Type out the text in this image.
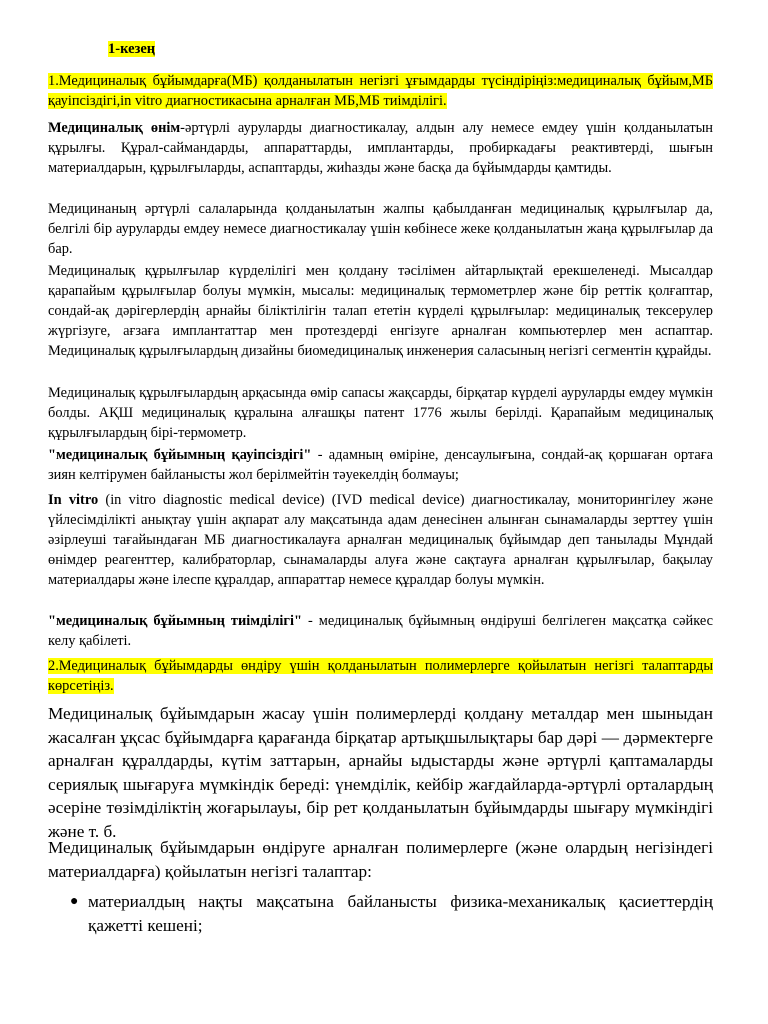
1-кезең

1.Медициналық бұйымдарға(МБ) қолданылатын негізгі ұғымдарды түсіндіріңіз:медициналық бұйым,МБ қауіпсіздігі,in vitro диагностикасына арналған МБ,МБ тиімділігі.

Медициналық өнім-әртүрлі ауруларды диагностикалау, алдын алу немесе емдеу үшін қолданылатын құрылғы. Құрал-саймандарды, аппараттарды, имплантарды, пробиркадағы реактивтерді, шығын материалдарын, құрылғыларды, аспаптарды, жиһазды және басқа да бұйымдарды қамтиды.

Медицинаның әртүрлі салаларында қолданылатын жалпы қабылданған медициналық құрылғылар да, белгілі бір ауруларды емдеу немесе диагностикалау үшін көбінесе жеке қолданылатын жаңа құрылғылар да бар.

Медициналық құрылғылар күрделілігі мен қолдану тәсілімен айтарлықтай ерекшеленеді. Мысалдар қарапайым құрылғылар болуы мүмкін, мысалы: медициналық термометрлер және бір реттік қолғаптар, сондай-ақ дәрігерлердің арнайы біліктілігін талап ететін күрделі құрылғылар: медициналық тексерулер жүргізуге, ағзаға имплантаттар мен протездерді енгізуге арналған компьютерлер мен аспаптар. Медициналық құрылғылардың дизайны биомедициналық инженерия саласының негізгі сегментін құрайды.

Медициналық құрылғылардың арқасында өмір сапасы жақсарды, бірқатар күрделі ауруларды емдеу мүмкін болды. АҚШ медициналық құралына алғашқы патент 1776 жылы берілді. Қарапайым медициналық құрылғылардың бірі-термометр.

"медициналық бұйымның қауіпсіздігі" - адамның өміріне, денсаулығына, сондай-ақ қоршаған ортаға зиян келтірумен байланысты жол берілмейтін тәуекелдің болмауы;

In vitro (in vitro diagnostic medical device) (IVD medical device) диагностикалау, мониторингілеу және үйлесімділікті анықтау үшін ақпарат алу мақсатында адам денесінен алынған сынамаларды зерттеу үшін әзірлеуші тағайындаған МБ диагностикалауға арналған медициналық бұйымдар деп танылады Мұндай өнімдер реагенттер, калибраторлар, сынамаларды алуға және сақтауға арналған құрылғылар, бақылау материалдары және ілеспе құралдар, аппараттар немесе құралдар болуы мүмкін.

"медициналық бұйымның тиімділігі" - медициналық бұйымның өндіруші белгілеген мақсатқа сәйкес келу қабілеті.

2.Медициналық бұйымдарды өндіру үшін қолданылатын полимерлерге қойылатын негізгі талаптарды көрсетіңіз.

Медициналық бұйымдарын жасау үшін полимерлерді қолдану металдар мен шыныдан жасалған ұқсас бұйымдарға қарағанда бірқатар артықшылықтары бар дәрі — дәрмектерге арналған құралдарды, күтім заттарын, арнайы ыдыстарды және әртүрлі қаптамаларды сериялық шығаруға мүмкіндік береді: үнемділік, кейбір жағдайларда-әртүрлі орталардың әсеріне төзімділіктің жоғарылауы, бір рет қолданылатын бұйымдарды шығару мүмкіндігі және т. б.

Медициналық бұйымдарын өндіруге арналған полимерлерге (және олардың негізіндегі материалдарға) қойылатын негізгі талаптар:

● материалдың нақты мақсатына байланысты физика-механикалық қасиеттердің қажетті кешені;
